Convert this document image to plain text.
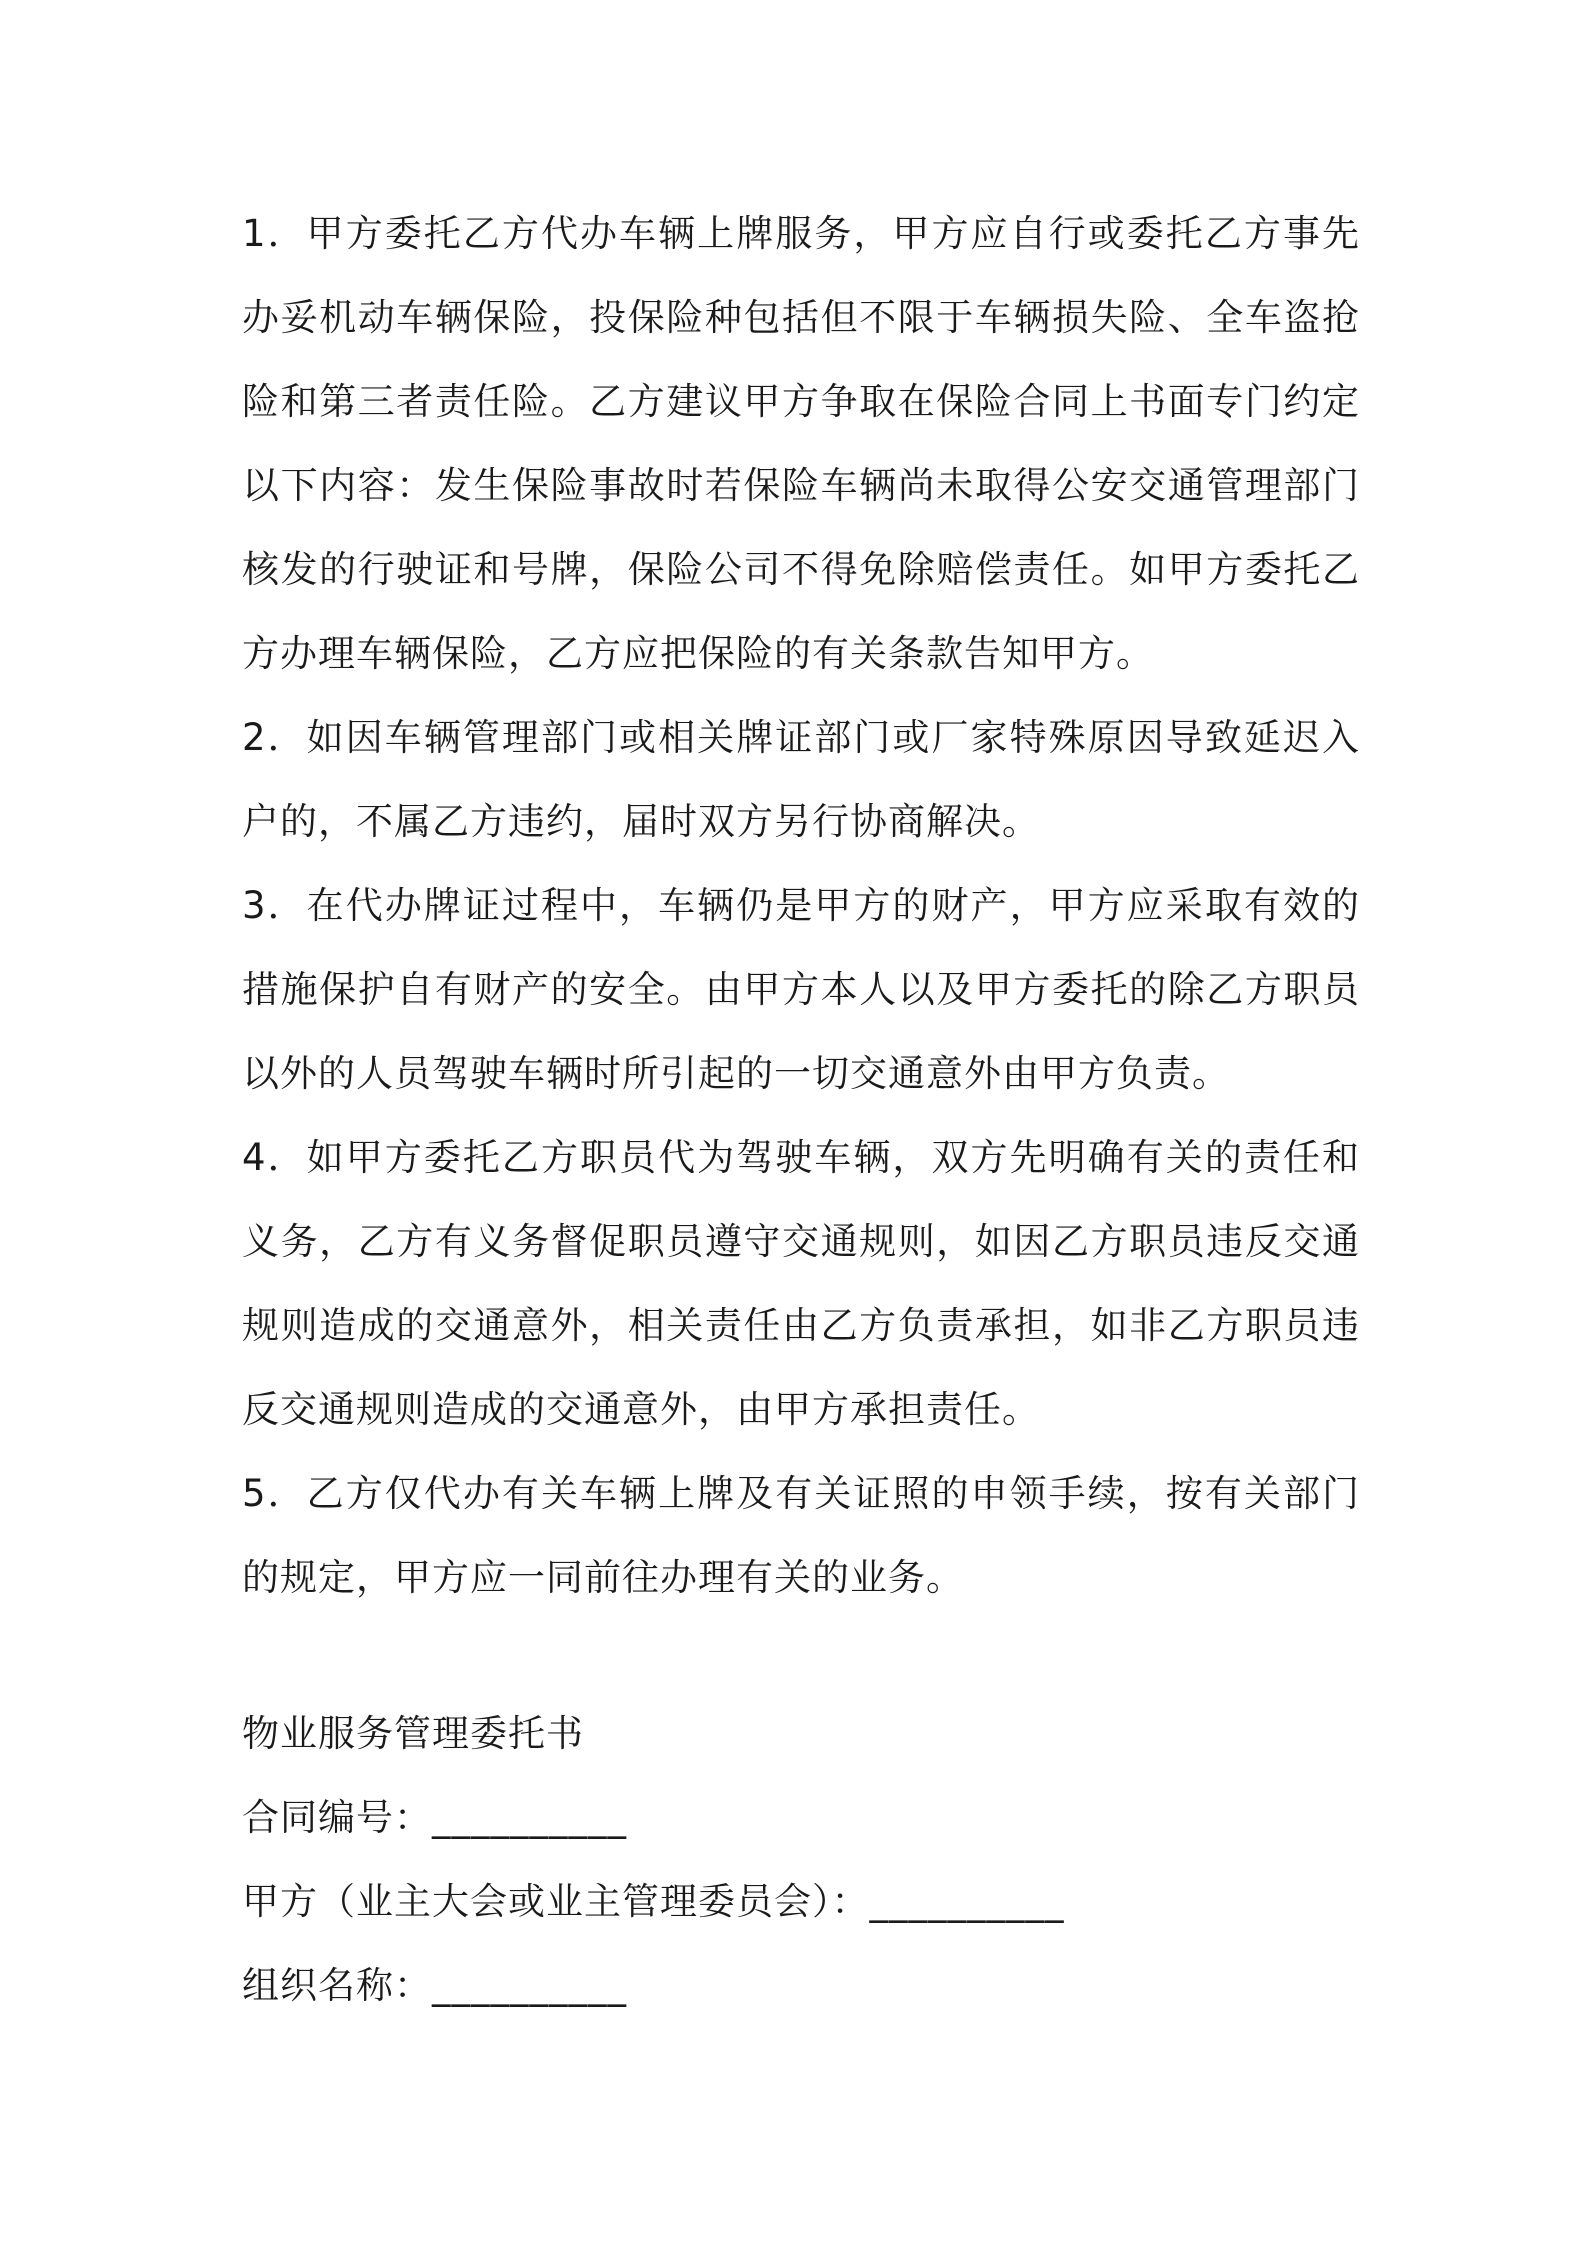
1．甲方委托乙方代办车辆上牌服务，甲方应自行或委托乙方事先办妥机动车辆保险，投保险种包括但不限于车辆损失险、全车盗抢险和第三者责任险。乙方建议甲方争取在保险合同上书面专门约定以下内容：发生保险事故时若保险车辆尚未取得公安交通管理部门核发的行驶证和号牌，保险公司不得免除赔偿责任。如甲方委托乙方办理车辆保险，乙方应把保险的有关条款告知甲方。

2．如因车辆管理部门或相关牌证部门或厂家特殊原因导致延迟入户的，不属乙方违约，届时双方另行协商解决。

3．在代办牌证过程中，车辆仍是甲方的财产，甲方应采取有效的措施保护自有财产的安全。由甲方本人以及甲方委托的除乙方职员以外的人员驾驶车辆时所引起的一切交通意外由甲方负责。

4．如甲方委托乙方职员代为驾驶车辆，双方先明确有关的责任和义务，乙方有义务督促职员遵守交通规则，如因乙方职员违反交通规则造成的交通意外，相关责任由乙方负责承担，如非乙方职员违反交通规则造成的交通意外，由甲方承担责任。

5．乙方仅代办有关车辆上牌及有关证照的申领手续，按有关部门的规定，甲方应一同前往办理有关的业务。

物业服务管理委托书
合同编号：__________
甲方（业主大会或业主管理委员会）：__________
组织名称：__________
